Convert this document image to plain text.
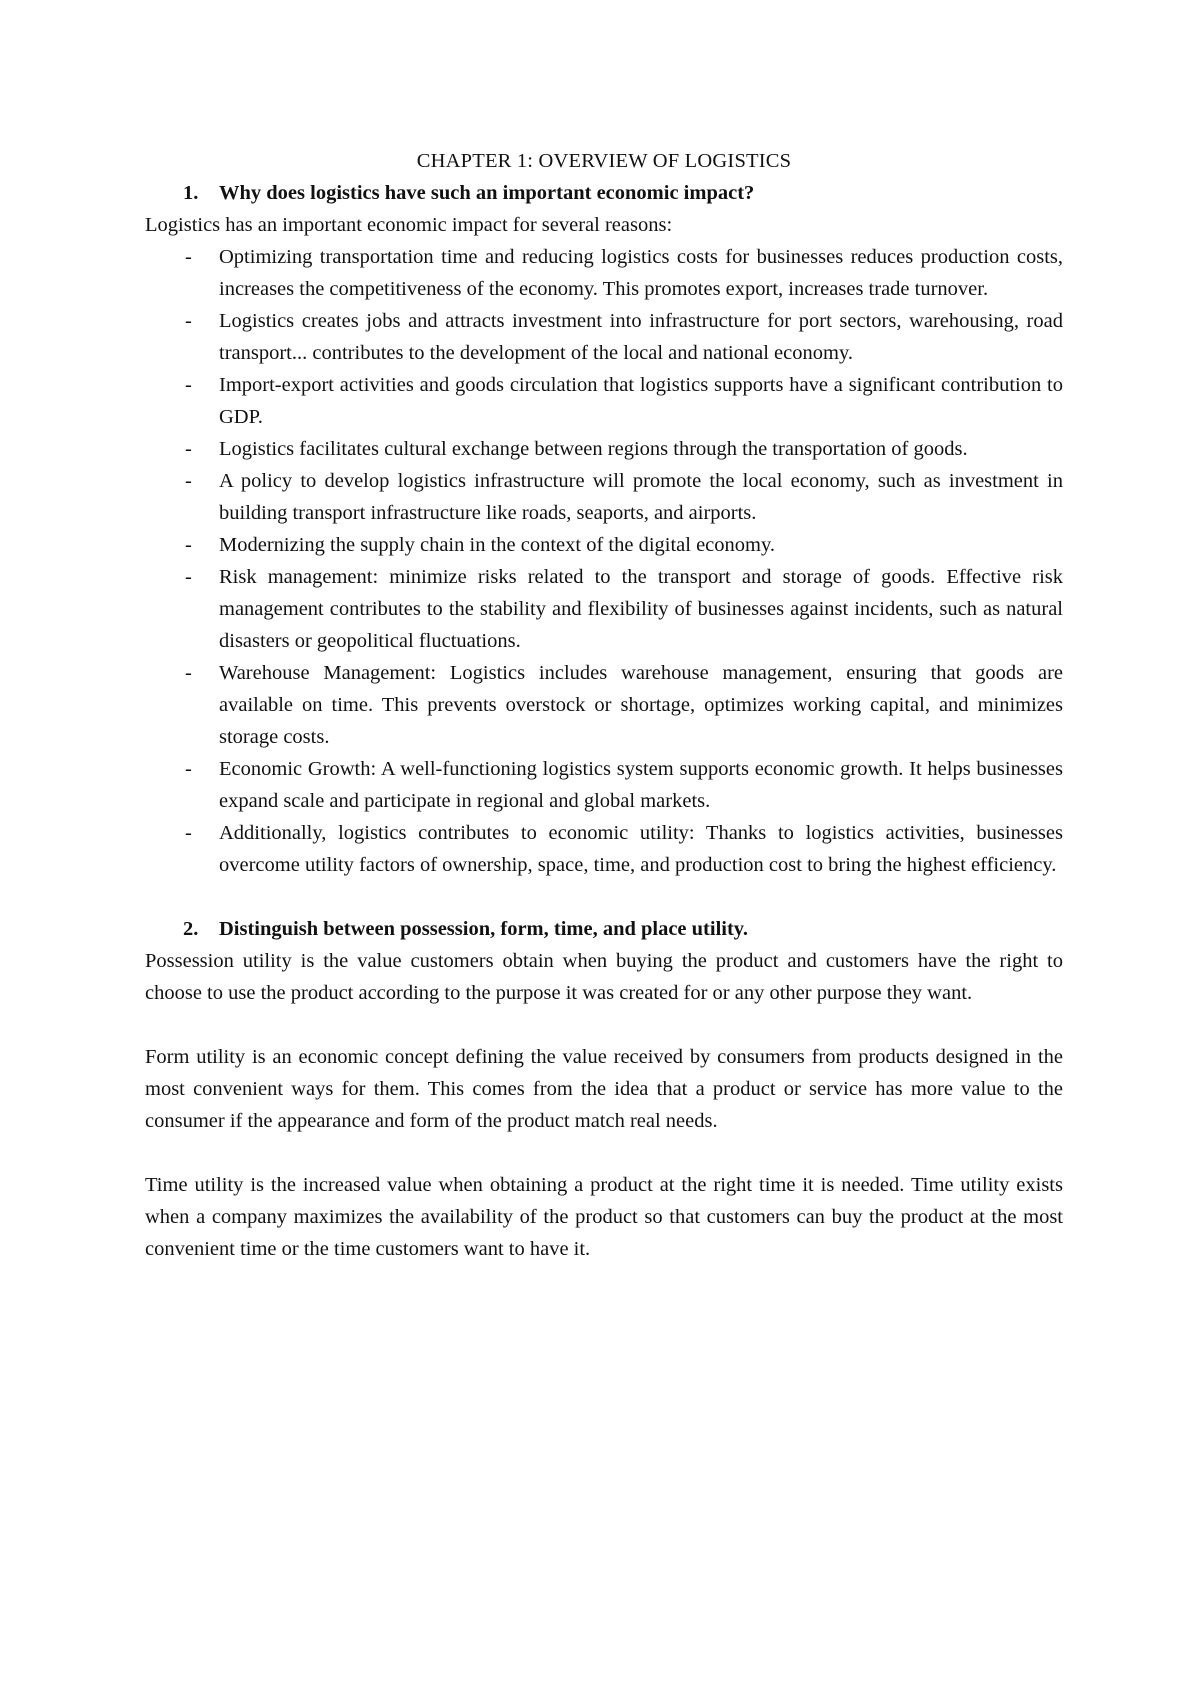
CHAPTER 1: OVERVIEW OF LOGISTICS
1. Why does logistics have such an important economic impact?

Logistics has an important economic impact for several reasons:

- Optimizing transportation time and reducing logistics costs for businesses reduces production costs, increases the competitiveness of the economy. This promotes export, increases trade turnover.
- Logistics creates jobs and attracts investment into infrastructure for port sectors, warehousing, road transport... contributes to the development of the local and national economy.
- Import-export activities and goods circulation that logistics supports have a significant contribution to GDP.
- Logistics facilitates cultural exchange between regions through the transportation of goods.
- A policy to develop logistics infrastructure will promote the local economy, such as investment in building transport infrastructure like roads, seaports, and airports.
- Modernizing the supply chain in the context of the digital economy.
- Risk management: minimize risks related to the transport and storage of goods. Effective risk management contributes to the stability and flexibility of businesses against incidents, such as natural disasters or geopolitical fluctuations.
- Warehouse Management: Logistics includes warehouse management, ensuring that goods are available on time. This prevents overstock or shortage, optimizes working capital, and minimizes storage costs.
- Economic Growth: A well-functioning logistics system supports economic growth. It helps businesses expand scale and participate in regional and global markets.
- Additionally, logistics contributes to economic utility: Thanks to logistics activities, businesses overcome utility factors of ownership, space, time, and production cost to bring the highest efficiency.
2. Distinguish between possession, form, time, and place utility.

Possession utility is the value customers obtain when buying the product and customers have the right to choose to use the product according to the purpose it was created for or any other purpose they want.

Form utility is an economic concept defining the value received by consumers from products designed in the most convenient ways for them. This comes from the idea that a product or service has more value to the consumer if the appearance and form of the product match real needs.

Time utility is the increased value when obtaining a product at the right time it is needed. Time utility exists when a company maximizes the availability of the product so that customers can buy the product at the most convenient time or the time customers want to have it.
